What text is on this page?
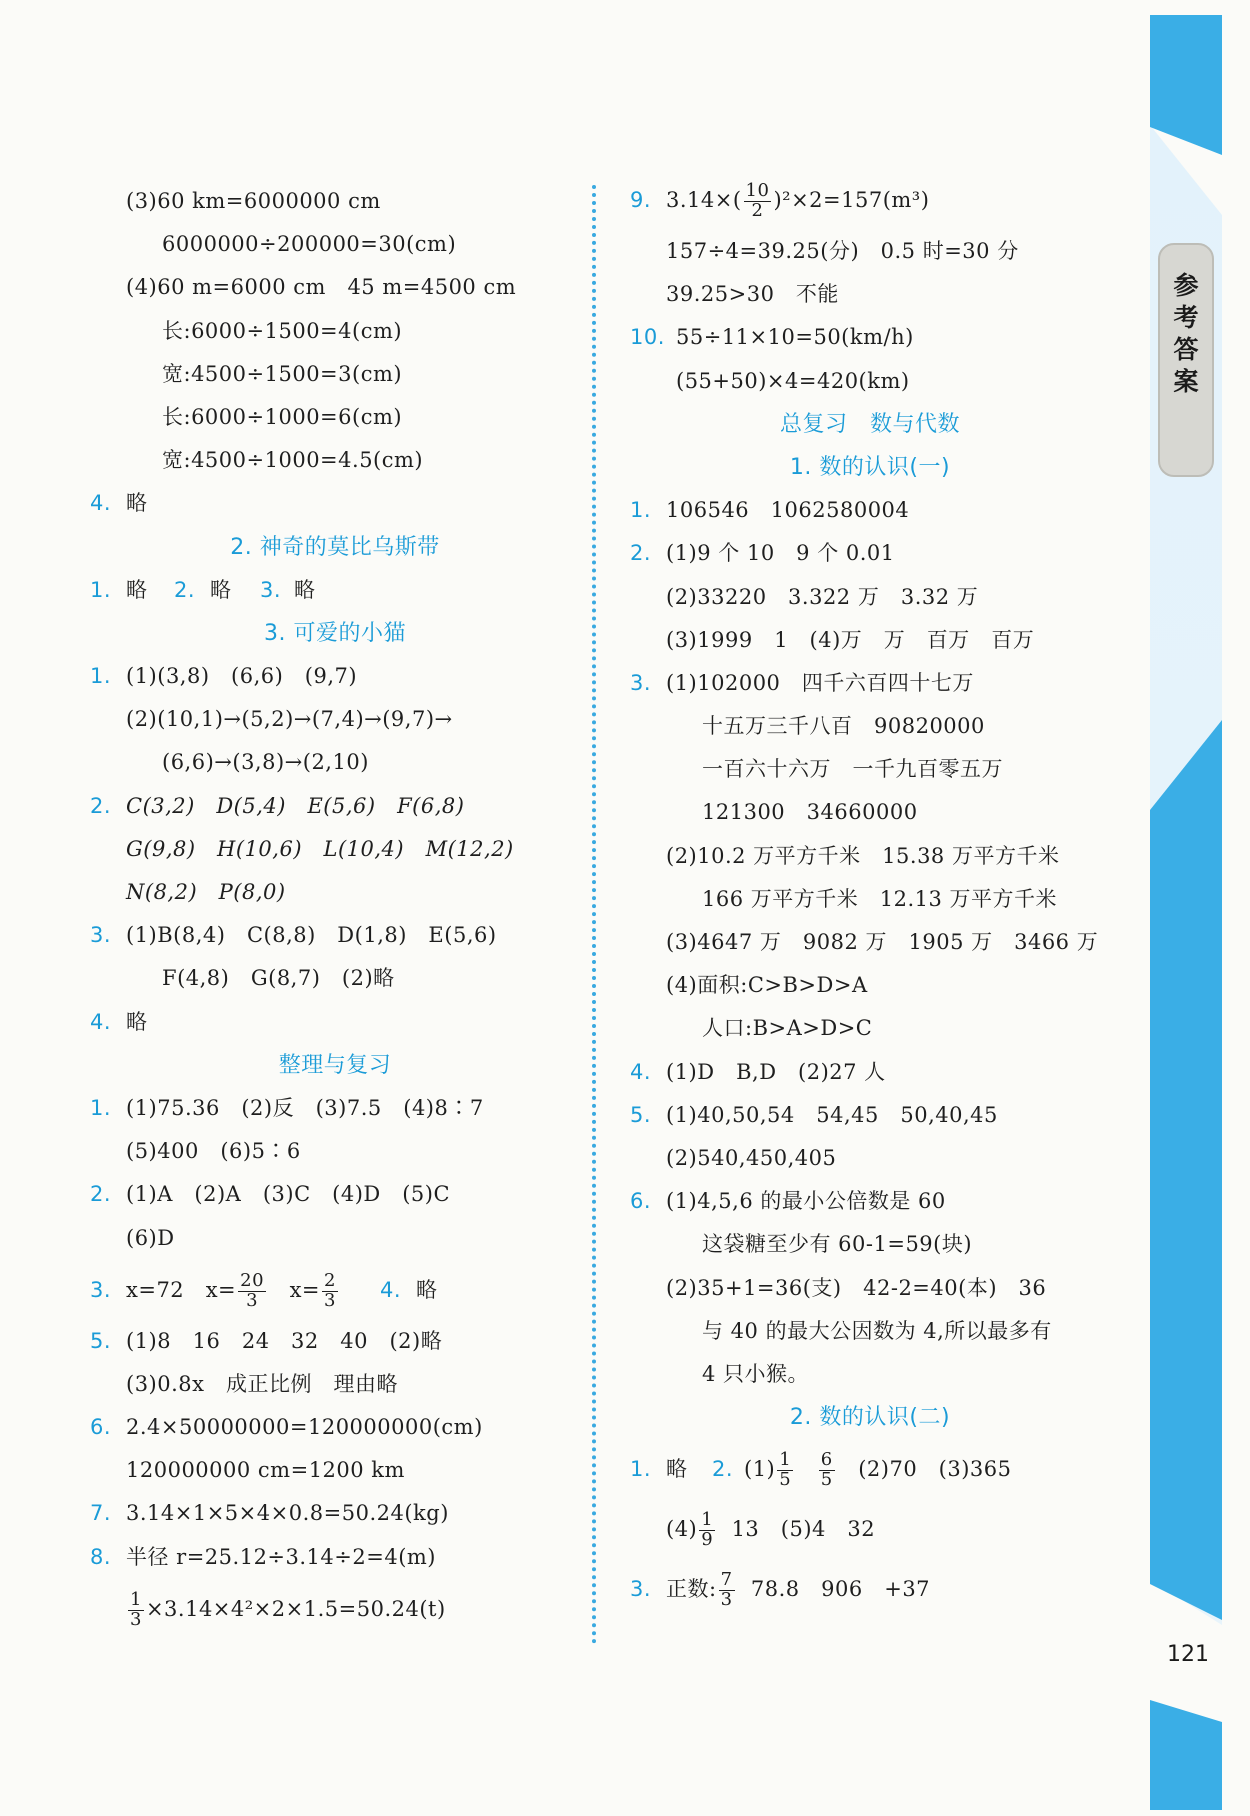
参考答案
121
(3)60 km=6000000 cm
6000000÷200000=30(cm)
(4)60 m=6000 cm　45 m=4500 cm
长:6000÷1500=4(cm)
宽:4500÷1500=3(cm)
长:6000÷1000=6(cm)
宽:4500÷1000=4.5(cm)
4. 略
2. 神奇的莫比乌斯带
1. 略 2. 略 3. 略
3. 可爱的小猫
1. (1)(3,8)　(6,6)　(9,7)
(2)(10,1)→(5,2)→(7,4)→(9,7)→
(6,6)→(3,8)→(2,10)
2. C(3,2)　D(5,4)　E(5,6)　F(6,8)
G(9,8)　H(10,6)　L(10,4)　M(12,2)
N(8,2)　P(8,0)
3. (1)B(8,4)　C(8,8)　D(1,8)　E(5,6)
F(4,8)　G(8,7)　(2)略
4. 略
整理与复习
1. (1)75.36　(2)反　(3)7.5　(4)8∶7
(5)400　(6)5∶6
2. (1)A　(2)A　(3)C　(4)D　(5)C
(6)D
3. x=72 $x= \frac{20}{3} x= \frac{2}{3} 4$. 略
5. (1)8　16　24　32　40　(2)略
(3)0.8x　成正比例　理由略
6. 2.4×50000000=120000000(cm)
120000000 cm=1200 km
7. 3.14×1×5×4×0.8=50.24(kg)
8. 半径 r=25.12÷3.14÷2=4(m)
$\frac{1}{3} \times 3.14\times 4^2\times 2\times 1.5=50.24(t)$
9. $3.14\times( \frac{10}{2} )^2\times 2=157(m^3)$
157÷4=39.25(分)　0.5 时=30 分
39.25>30　不能
10. 55÷11×10=50(km/h)
(55+50)×4=420(km)
总复习　数与代数
1. 数的认识(一)
1. 106546　1062580004
2. (1)9 个 10　9 个 0.01
(2)33220　3.322 万　3.32 万
(3)1999　1　(4)万　万　百万　百万
3. (1)102000　四千六百四十七万
十五万三千八百　90820000
一百六十六万　一千九百零五万
121300　34660000
(2)10.2 万平方千米　15.38 万平方千米
166 万平方千米　12.13 万平方千米
(3)4647 万　9082 万　1905 万　3466 万
(4)面积:C>B>D>A
人口:B>A>D>C
4. (1)D　B,D　(2)27 人
5. (1)40,50,54　54,45　50,40,45
(2)540,450,405
6. (1)4,5,6 的最小公倍数是 60
这袋糖至少有 60-1=59(块)
(2)35+1=36(支)　42-2=40(本)　36
与 40 的最大公因数为 4,所以最多有
4 只小猴。
2. 数的认识(二)
1. 略 2. $(1) \frac{1}{5}$
$\frac{6}{5} (2)70$　(3)365
$(4) \frac{1}{9} 13$　(5)4　32
3. 正数: $\frac{7}{3} 78.8$　906　+37
